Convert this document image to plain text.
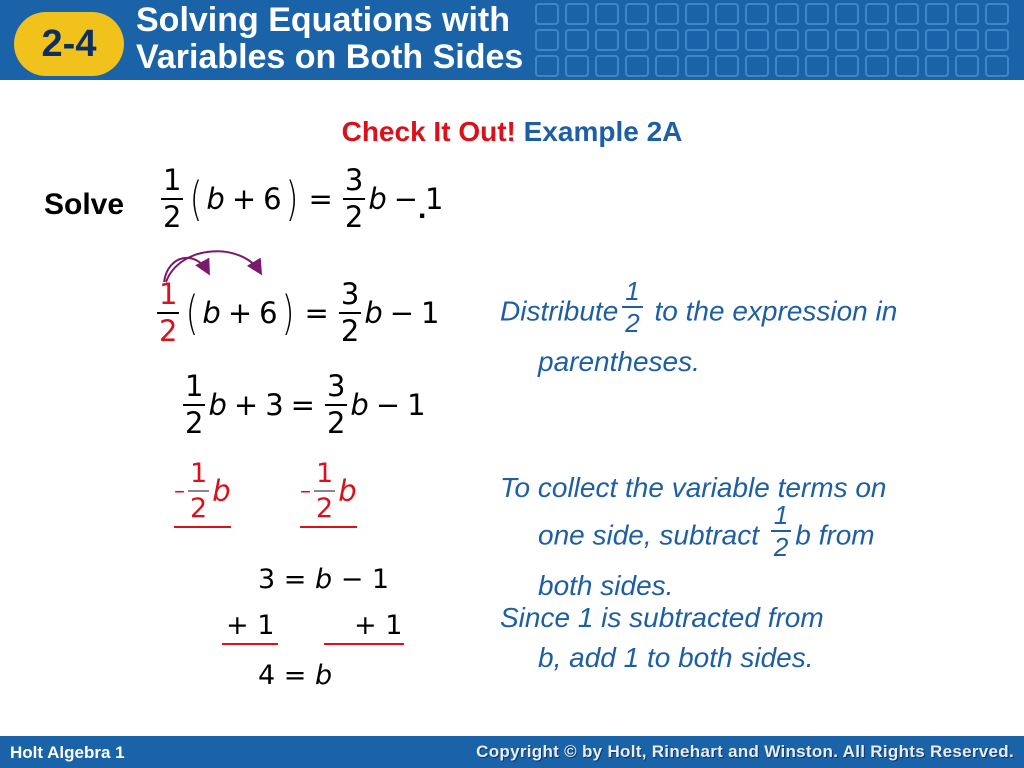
2-4
Solving Equations with
Variables on Both Sides
Check It Out! Example 2A
Solve $\frac{1}{2}$ ( b + 6 ) = $\frac{3}{2}$ b − 1
.
$\frac{1}{2}$ ( b + 6 ) = $\frac{3}{2}$ b − 1
$\frac{1}{2}$ $b + 3 = \frac{3}{2}$ b − 1
– $\frac{1}{2}$ b	– $\frac{1}{2}$ b
3 = b − 1
+ 1	+ 1
4 = b
Distribute $\frac{1}{2}$ to the expression in
parentheses.
To collect the variable terms on
one side, subtract $\frac{1}{2}$ b from
both sides.
Since 1 is subtracted from
b, add 1 to both sides.
Holt Algebra 1	Copyright © by Holt, Rinehart and Winston. All Rights Reserved.
